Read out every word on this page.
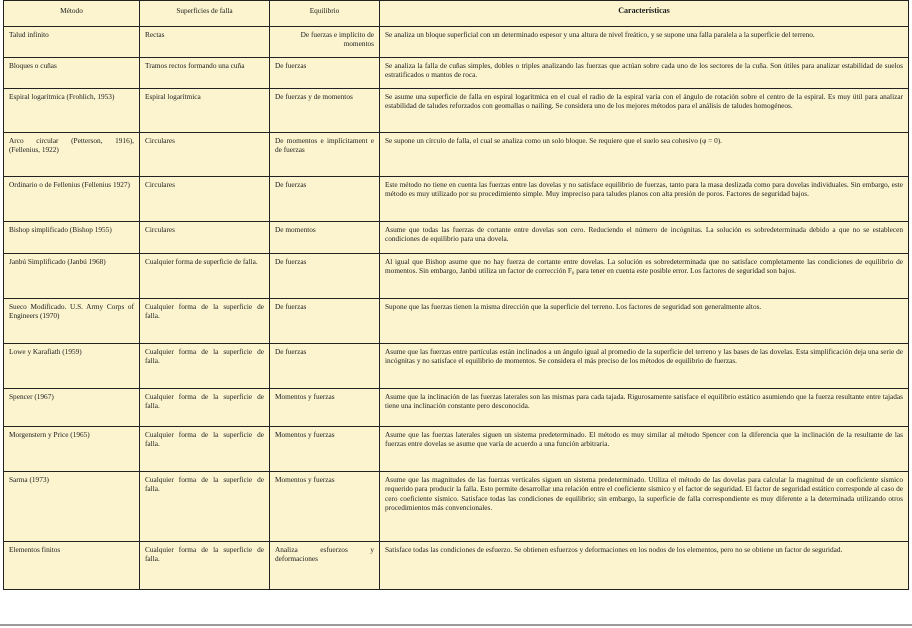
Método	Superficies de falla	Equilibrio	Características
Talud infinito	Rectas	De fuerzas e implícito de momentos	Se analiza un bloque superficial con un determinado espesor y una altura de nivel freático, y se supone una falla paralela a la superficie del terreno.
Bloques o cuñas	Tramos rectos formando una cuña	De fuerzas	Se analiza la falla de cuñas simples, dobles o triples analizando las fuerzas que actúan sobre cada uno de los sectores de la cuña. Son útiles para analizar estabilidad de suelos estratificados o mantos de roca.
Espiral logarítmica (Frohlich, 1953)	Espiral logarítmica	De fuerzas y de momentos	Se asume una superficie de falla en espiral logarítmica en el cual el radio de la espiral varía con el ángulo de rotación sobre el centro de la espiral. Es muy útil para analizar estabilidad de taludes reforzados con geomallas o nailing. Se considera uno de los mejores métodos para el análisis de taludes homogéneos.
Arco circular (Petterson, 1916), (Fellenius, 1922)	Circulares	De momentos e implícitament e de fuerzas	Se supone un círculo de falla, el cual se analiza como un solo bloque. Se requiere que el suelo sea cohesivo (φ = 0).
Ordinario o de Fellenius (Fellenius 1927)	Circulares	De fuerzas	Este método no tiene en cuenta las fuerzas entre las dovelas y no satisface equilibrio de fuerzas, tanto para la masa deslizada como para dovelas individuales. Sin embargo, este método es muy utilizado por su procedimiento simple. Muy impreciso para taludes planos con alta presión de poros. Factores de seguridad bajos.
Bishop simplificado (Bishop 1955)	Circulares	De momentos	Asume que todas las fuerzas de cortante entre dovelas son cero. Reduciendo el número de incógnitas. La solución es sobredeterminada debido a que no se establecen condiciones de equilibrio para una dovela.
Janbú Simplificado (Janbú 1968)	Cualquier forma de superficie de falla.	De fuerzas	Al igual que Bishop asume que no hay fuerza de cortante entre dovelas. La solución es sobredeterminada que no satisface completamente las condiciones de equilibrio de momentos. Sin embargo, Janbú utiliza un factor de corrección F₀ para tener en cuenta este posible error. Los factores de seguridad son bajos.
Sueco Modificado. U.S. Army Corps of Engineers (1970)	Cualquier forma de la superficie de falla.	De fuerzas	Supone que las fuerzas tienen la misma dirección que la superficie del terreno. Los factores de seguridad son generalmente altos.
Lowe y Karafiath (1959)	Cualquier forma de la superficie de falla.	De fuerzas	Asume que las fuerzas entre partículas están inclinados a un ángulo igual al promedio de la superficie del terreno y las bases de las dovelas. Esta simplificación deja una serie de incógnitas y no satisface el equilibrio de momentos. Se considera el más preciso de los métodos de equilibrio de fuerzas.
Spencer (1967)	Cualquier forma de la superficie de falla.	Momentos y fuerzas	Asume que la inclinación de las fuerzas laterales son las mismas para cada tajada. Rigurosamente satisface el equilibrio estático asumiendo que la fuerza resultante entre tajadas tiene una inclinación constante pero desconocida.
Morgenstern y Price (1965)	Cualquier forma de la superficie de falla.	Momentos y fuerzas	Asume que las fuerzas laterales siguen un sistema predeterminado. El método es muy similar al método Spencer con la diferencia que la inclinación de la resultante de las fuerzas entre dovelas se asume que varía de acuerdo a una función arbitraria.
Sarma (1973)	Cualquier forma de la superficie de falla.	Momentos y fuerzas	Asume que las magnitudes de las fuerzas verticales siguen un sistema predeterminado. Utiliza el método de las dovelas para calcular la magnitud de un coeficiente sísmico requerido para producir la falla. Esto permite desarrollar una relación entre el coeficiente sísmico y el factor de seguridad. El factor de seguridad estático corresponde al caso de cero coeficiente sísmico. Satisface todas las condiciones de equilibrio; sin embargo, la superficie de falla correspondiente es muy diferente a la determinada utilizando otros procedimientos más convencionales.
Elementos finitos	Cualquier forma de la superficie de falla.	Analiza esfuerzos y deformaciones	Satisface todas las condiciones de esfuerzo. Se obtienen esfuerzos y deformaciones en los nodos de los elementos, pero no se obtiene un factor de seguridad.
